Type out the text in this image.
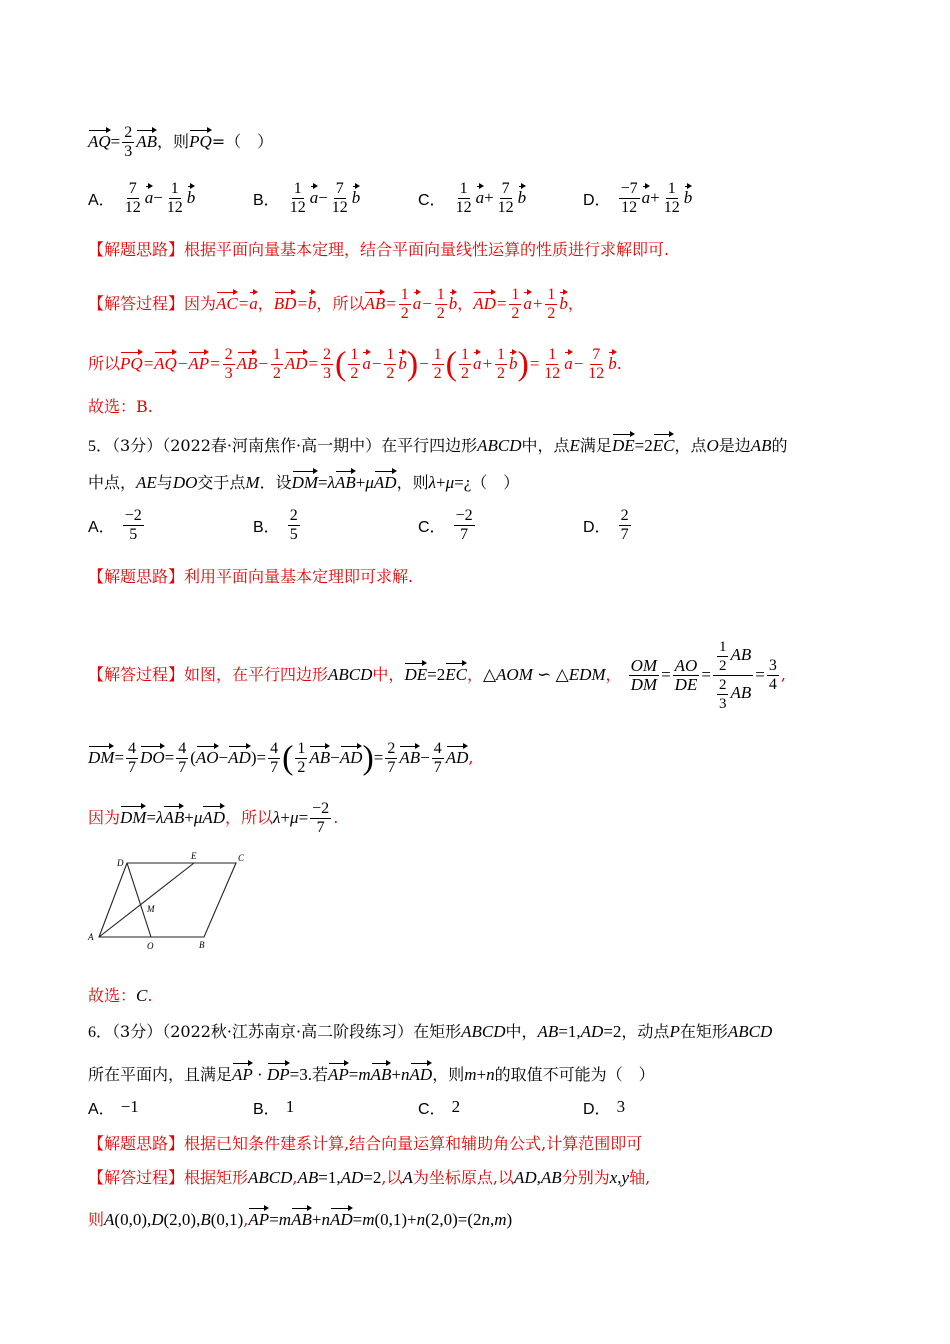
$AQ= \frac{2}{3}$ AB，则PQ=（　）
A． $\frac{7}{12} a- \frac{1}{12}$ b	B． $\frac{1}{12} a- \frac{7}{12}$ b	C． $\frac{1}{12} a+ \frac{7}{12}$ b	D． $\frac{-7}{12} a+ \frac{1}{12}$ b
【解题思路】根据平面向量基本定理，结合平面向量线性运算的性质进行求解即可.
【解答过程】因为AC=a，BD=b，所以$AB= \frac{1}{2} a- \frac{1}{2}$ b，$AD= \frac{1}{2} a+ \frac{1}{2}$ b，
所以$PQ=AQ-AP= \frac{2}{3} AB- \frac{1}{2} AD= \frac{2}{3}$ ( $\frac{1}{2} a- \frac{1}{2} b)- \frac{1}{2}$ ( $\frac{1}{2} a+ \frac{1}{2} b)= \frac{1}{12} a- \frac{7}{12} b$.
故选：B.
5．（3分）（2022春·河南焦作·高一期中）在平行四边形ABCD中，点E满足DE=2EC，点O是边AB的
中点，AE与DO交于点M．设DM=λAB+μAD，则λ+μ=¿（　）
A． $\frac{-2}{5}$	B． $\frac{2}{5}$	C． $\frac{-2}{7}$	D． $\frac{2}{7}$
【解题思路】利用平面向量基本定理即可求解.
【解答过程】如图，在平行四边形ABCD中，DE=2EC，△AOM ∽ △EDM， $\frac{OM}{DM} = \frac{AO}{DE} = \frac{\frac{1}{2} AB}{\frac{2}{3} AB} = \frac{3}{4}$ ,
$DM= \frac{4}{7} DO= \frac{4}{7} (AO-AD)= \frac{4}{7}$ ( $\frac{1}{2} AB-AD)= \frac{2}{7} AB- \frac{4}{7}$ AD,
因为DM=λAB+μAD，所以$\lambda+\mu= \frac{-2}{7}$ .
D
E	C
M
A
O	B
故选：C.
6．（3分）（2022秋·江苏南京·高二阶段练习）在矩形ABCD中，AB=1,AD=2，动点P在矩形ABCD
所在平面内，且满足AP · DP=3.若AP=mAB+nAD，则m+n的取值不可能为（　）
A． −1	B． 1	C． 2	D． 3
【解题思路】根据已知条件建系计算,结合向量运算和辅助角公式,计算范围即可
【解答过程】根据矩形ABCD,AB=1,AD=2,以A为坐标原点,以AD,AB分别为x,y轴,
则A(0,0),D(2,0),B(0,1),AP=mAB+nAD=m(0,1)+n(2,0)=(2n,m)
